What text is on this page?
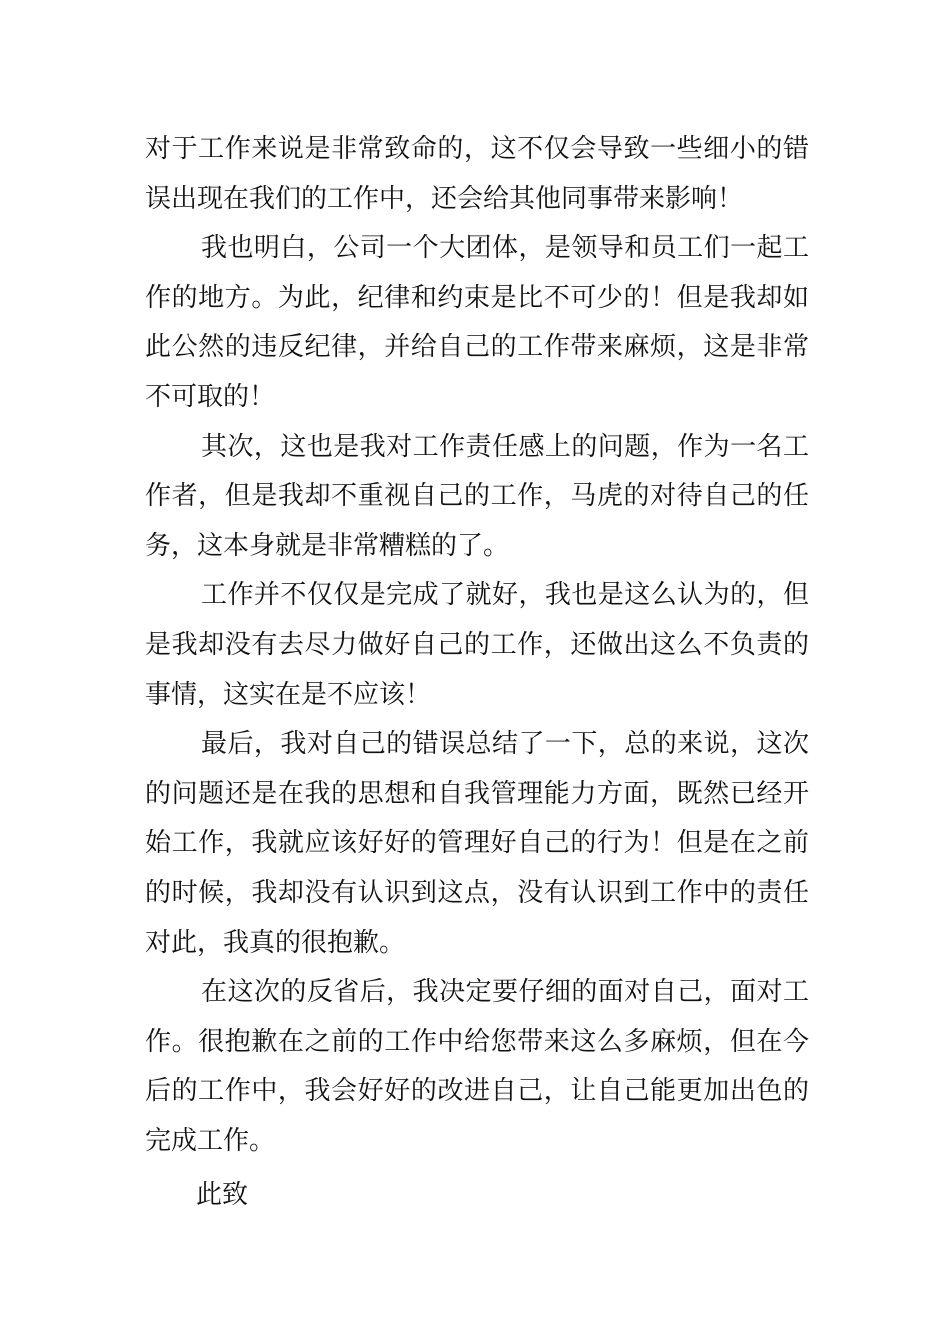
对于工作来说是非常致命的，这不仅会导致一些细小的错
误出现在我们的工作中，还会给其他同事带来影响！
我也明白，公司一个大团体，是领导和员工们一起工
作的地方。为此，纪律和约束是比不可少的！但是我却如
此公然的违反纪律，并给自己的工作带来麻烦，这是非常
不可取的！
其次，这也是我对工作责任感上的问题，作为一名工
作者，但是我却不重视自己的工作，马虎的对待自己的任
务，这本身就是非常糟糕的了。
工作并不仅仅是完成了就好，我也是这么认为的，但
是我却没有去尽力做好自己的工作，还做出这么不负责的
事情，这实在是不应该！
最后，我对自己的错误总结了一下，总的来说，这次
的问题还是在我的思想和自我管理能力方面，既然已经开
始工作，我就应该好好的管理好自己的行为！但是在之前
的时候，我却没有认识到这点，没有认识到工作中的责任
对此，我真的很抱歉。
在这次的反省后，我决定要仔细的面对自己，面对工
作。很抱歉在之前的工作中给您带来这么多麻烦，但在今
后的工作中，我会好好的改进自己，让自己能更加出色的
完成工作。
此致
